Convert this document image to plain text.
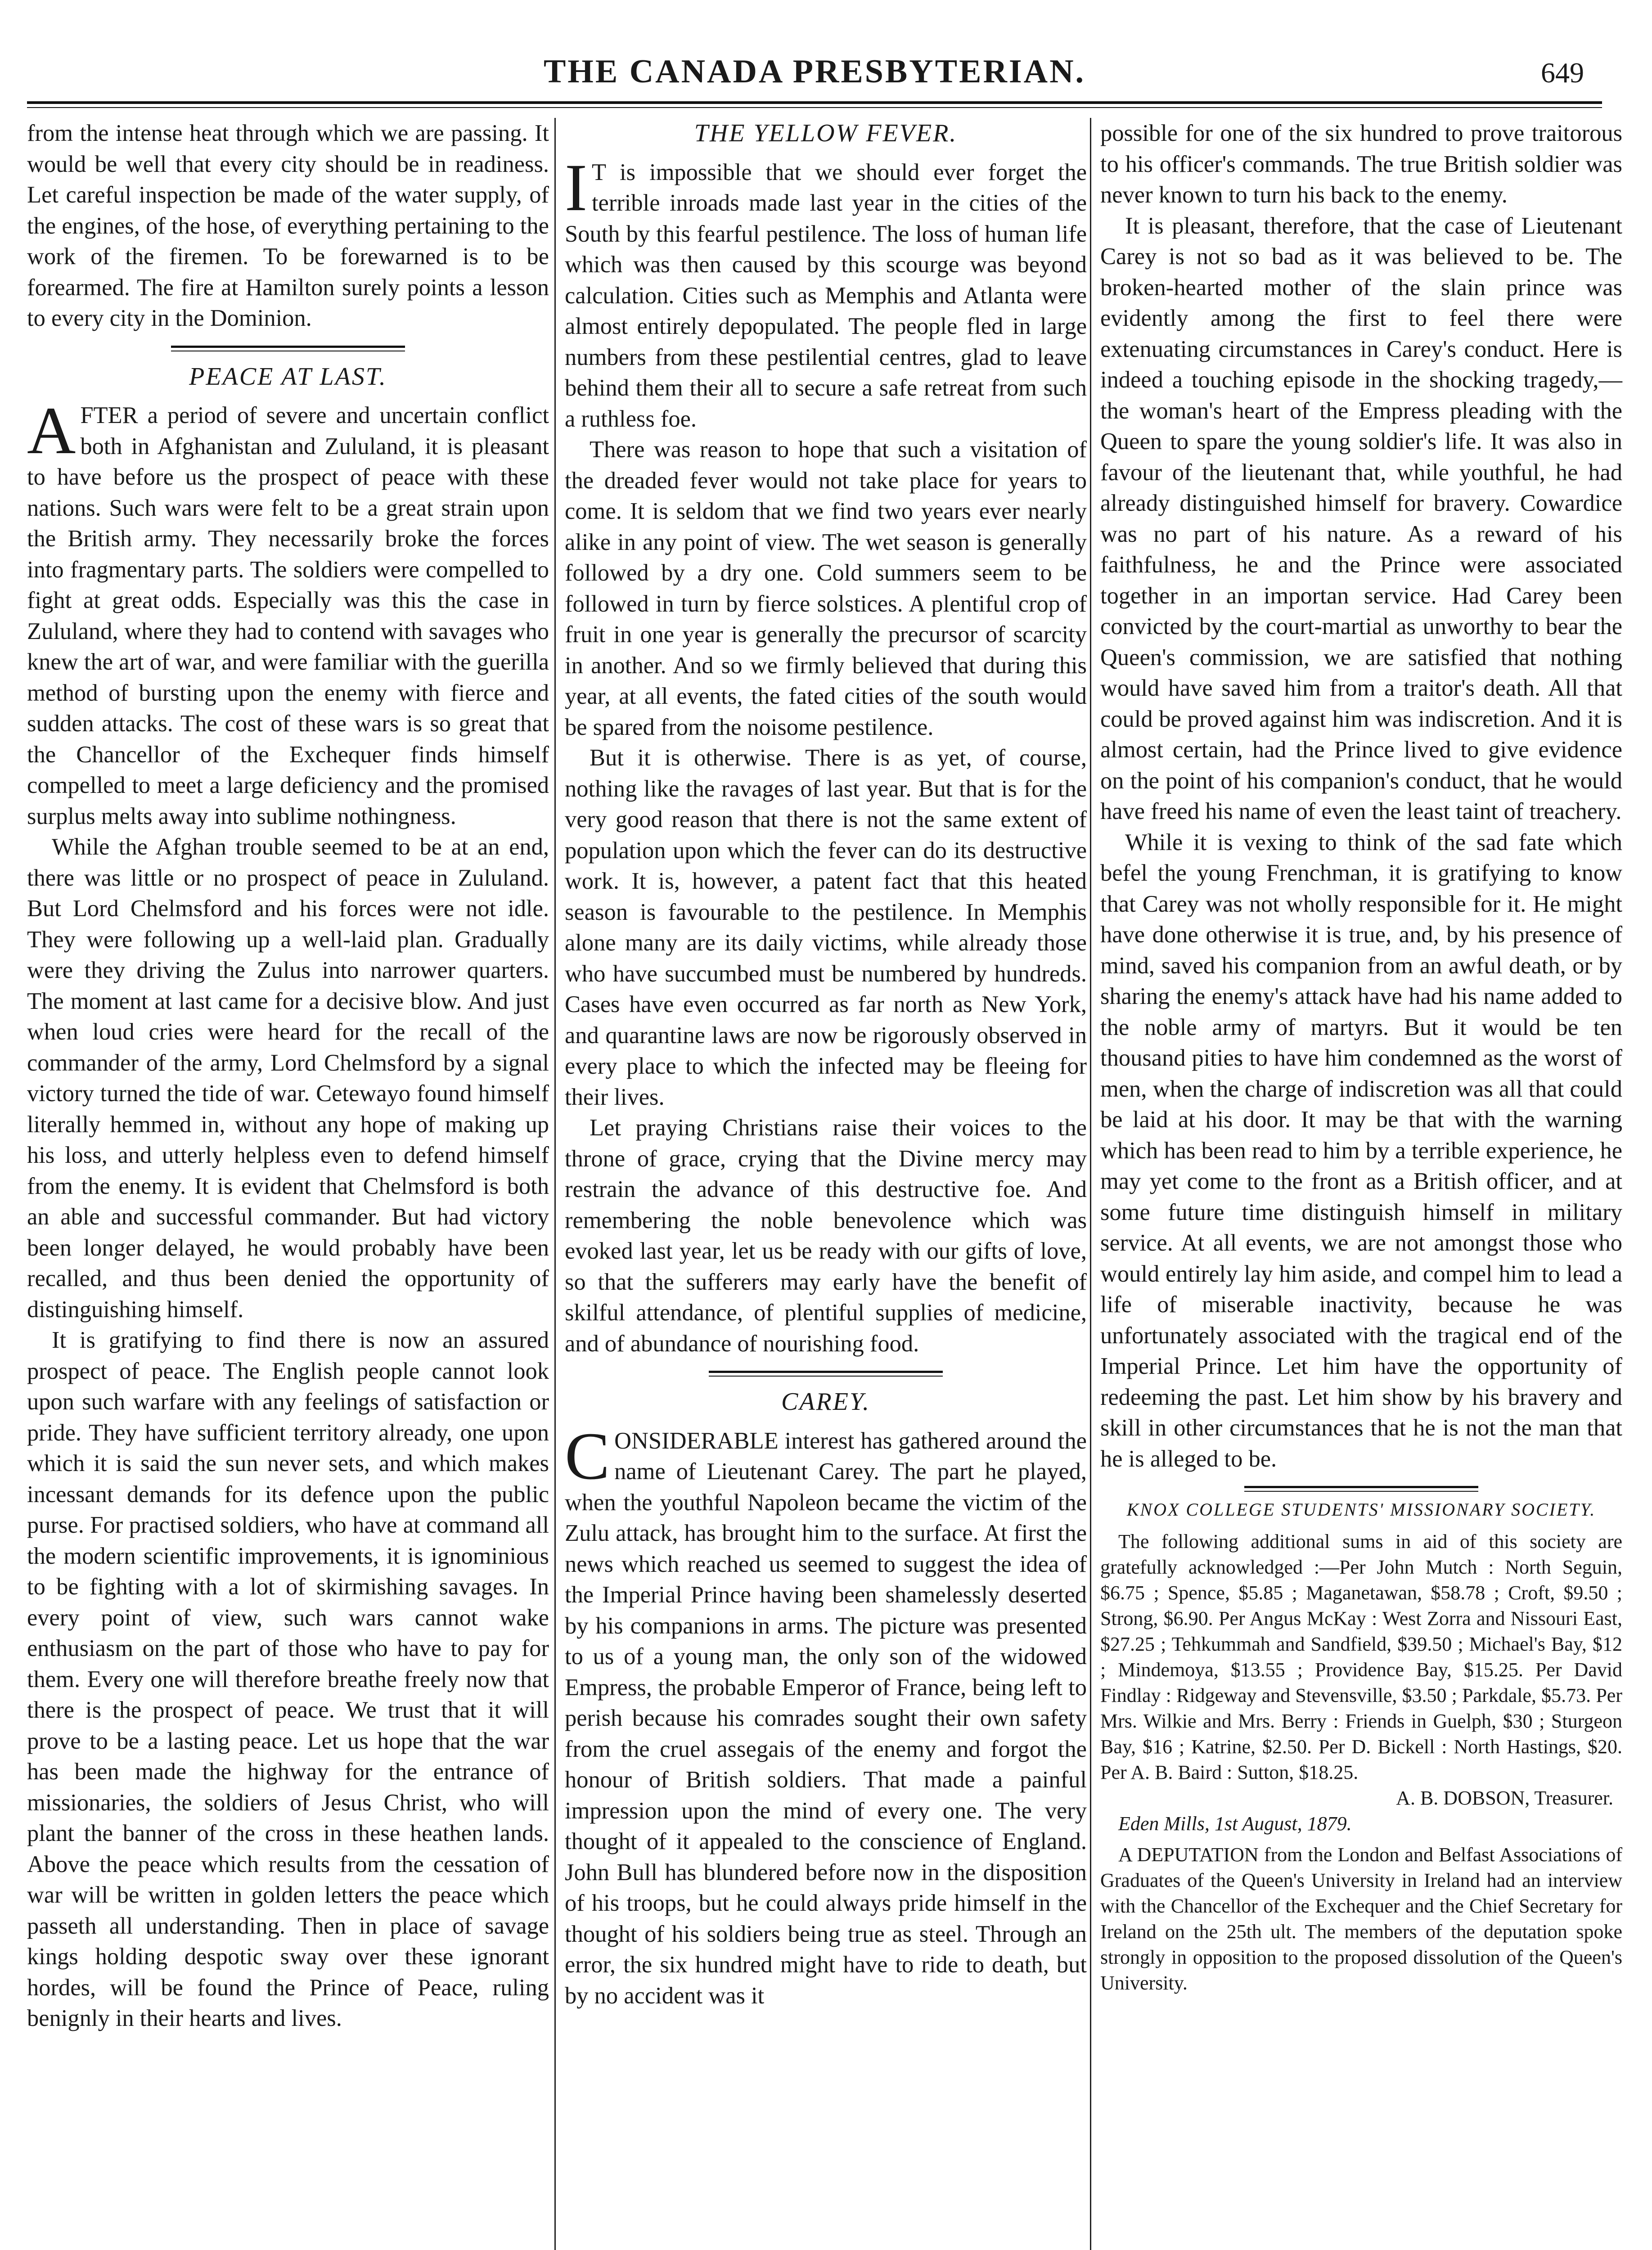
THE CANADA PRESBYTERIAN.	649

from the intense heat through which we are passing. It would be well that every city should be in readiness. Let careful inspection be made of the water supply, of the engines, of the hose, of everything pertaining to the work of the firemen. To be forewarned is to be forearmed. The fire at Hamilton surely points a lesson to every city in the Dominion.

PEACE AT LAST.

AFTER a period of severe and uncertain conflict both in Afghanistan and Zululand, it is pleasant to have before us the prospect of peace with these nations. Such wars were felt to be a great strain upon the British army. They necessarily broke the forces into fragmentary parts. The soldiers were compelled to fight at great odds. Especially was this the case in Zululand, where they had to contend with savages who knew the art of war, and were familiar with the guerilla method of bursting upon the enemy with fierce and sudden attacks. The cost of these wars is so great that the Chancellor of the Exchequer finds himself compelled to meet a large deficiency and the promised surplus melts away into sublime nothingness.

While the Afghan trouble seemed to be at an end, there was little or no prospect of peace in Zululand. But Lord Chelmsford and his forces were not idle. They were following up a well-laid plan. Gradually were they driving the Zulus into narrower quarters. The moment at last came for a decisive blow. And just when loud cries were heard for the recall of the commander of the army, Lord Chelmsford by a signal victory turned the tide of war. Cetewayo found himself literally hemmed in, without any hope of making up his loss, and utterly helpless even to defend himself from the enemy. It is evident that Chelmsford is both an able and successful commander. But had victory been longer delayed, he would probably have been recalled, and thus been denied the opportunity of distinguishing himself.

It is gratifying to find there is now an assured prospect of peace. The English people cannot look upon such warfare with any feelings of satisfaction or pride. They have sufficient territory already, one upon which it is said the sun never sets, and which makes incessant demands for its defence upon the public purse. For practised soldiers, who have at command all the modern scientific improvements, it is ignominious to be fighting with a lot of skirmishing savages. In every point of view, such wars cannot wake enthusiasm on the part of those who have to pay for them. Every one will therefore breathe freely now that there is the prospect of peace. We trust that it will prove to be a lasting peace. Let us hope that the war has been made the highway for the entrance of missionaries, the soldiers of Jesus Christ, who will plant the banner of the cross in these heathen lands. Above the peace which results from the cessation of war will be written in golden letters the peace which passeth all understanding. Then in place of savage kings holding despotic sway over these ignorant hordes, will be found the Prince of Peace, ruling benignly in their hearts and lives.

THE YELLOW FEVER.

I T is impossible that we should ever forget the terrible inroads made last year in the cities of the South by this fearful pestilence. The loss of human life which was then caused by this scourge was beyond calculation. Cities such as Memphis and Atlanta were almost entirely depopulated. The people fled in large numbers from these pestilential centres, glad to leave behind them their all to secure a safe retreat from such a ruthless foe.

There was reason to hope that such a visitation of the dreaded fever would not take place for years to come. It is seldom that we find two years ever nearly alike in any point of view. The wet season is generally followed by a dry one. Cold summers seem to be followed in turn by fierce solstices. A plentiful crop of fruit in one year is generally the precursor of scarcity in another. And so we firmly believed that during this year, at all events, the fated cities of the south would be spared from the noisome pestilence.

But it is otherwise. There is as yet, of course, nothing like the ravages of last year. But that is for the very good reason that there is not the same extent of population upon which the fever can do its destructive work. It is, however, a patent fact that this heated season is favourable to the pestilence. In Memphis alone many are its daily victims, while already those who have succumbed must be numbered by hundreds. Cases have even occurred as far north as New York, and quarantine laws are now be rigorously observed in every place to which the infected may be fleeing for their lives.

Let praying Christians raise their voices to the throne of grace, crying that the Divine mercy may restrain the advance of this destructive foe. And remembering the noble benevolence which was evoked last year, let us be ready with our gifts of love, so that the sufferers may early have the benefit of skilful attendance, of plentiful supplies of medicine, and of abundance of nourishing food.

CAREY.

CONSIDERABLE interest has gathered around the name of Lieutenant Carey. The part he played, when the youthful Napoleon became the victim of the Zulu attack, has brought him to the surface. At first the news which reached us seemed to suggest the idea of the Imperial Prince having been shamelessly deserted by his companions in arms. The picture was presented to us of a young man, the only son of the widowed Empress, the probable Emperor of France, being left to perish because his comrades sought their own safety from the cruel assegais of the enemy and forgot the honour of British soldiers. That made a painful impression upon the mind of every one. The very thought of it appealed to the conscience of England. John Bull has blundered before now in the disposition of his troops, but he could always pride himself in the thought of his soldiers being true as steel. Through an error, the six hundred might have to ride to death, but by no accident was it

possible for one of the six hundred to prove traitorous to his officer's commands. The true British soldier was never known to turn his back to the enemy.

It is pleasant, therefore, that the case of Lieutenant Carey is not so bad as it was believed to be. The broken-hearted mother of the slain prince was evidently among the first to feel there were extenuating circumstances in Carey's conduct. Here is indeed a touching episode in the shocking tragedy,—the woman's heart of the Empress pleading with the Queen to spare the young soldier's life. It was also in favour of the lieutenant that, while youthful, he had already distinguished himself for bravery. Cowardice was no part of his nature. As a reward of his faithfulness, he and the Prince were associated together in an importan service. Had Carey been convicted by the court-martial as unworthy to bear the Queen's commission, we are satisfied that nothing would have saved him from a traitor's death. All that could be proved against him was indiscretion. And it is almost certain, had the Prince lived to give evidence on the point of his companion's conduct, that he would have freed his name of even the least taint of treachery.

While it is vexing to think of the sad fate which befel the young Frenchman, it is gratifying to know that Carey was not wholly responsible for it. He might have done otherwise it is true, and, by his presence of mind, saved his companion from an awful death, or by sharing the enemy's attack have had his name added to the noble army of martyrs. But it would be ten thousand pities to have him condemned as the worst of men, when the charge of indiscretion was all that could be laid at his door. It may be that with the warning which has been read to him by a terrible experience, he may yet come to the front as a British officer, and at some future time distinguish himself in military service. At all events, we are not amongst those who would entirely lay him aside, and compel him to lead a life of miserable inactivity, because he was unfortunately associated with the tragical end of the Imperial Prince. Let him have the opportunity of redeeming the past. Let him show by his bravery and skill in other circumstances that he is not the man that he is alleged to be.

KNOX COLLEGE STUDENTS' MISSIONARY SOCIETY.

The following additional sums in aid of this society are gratefully acknowledged :—Per John Mutch : North Seguin, $6.75 ; Spence, $5.85 ; Maganetawan, $58.78 ; Croft, $9.50 ; Strong, $6.90. Per Angus McKay : West Zorra and Nissouri East, $27.25 ; Tehkummah and Sandfield, $39.50 ; Michael's Bay, $12 ; Mindemoya, $13.55 ; Providence Bay, $15.25. Per David Findlay : Ridgeway and Stevensville, $3.50 ; Parkdale, $5.73. Per Mrs. Wilkie and Mrs. Berry : Friends in Guelph, $30 ; Sturgeon Bay, $16 ; Katrine, $2.50. Per D. Bickell : North Hastings, $20. Per A. B. Baird : Sutton, $18.25.

A. B. DOBSON, Treasurer.
Eden Mills, 1st August, 1879.

A DEPUTATION from the London and Belfast Associations of Graduates of the Queen's University in Ireland had an interview with the Chancellor of the Exchequer and the Chief Secretary for Ireland on the 25th ult. The members of the deputation spoke strongly in opposition to the proposed dissolution of the Queen's University.
